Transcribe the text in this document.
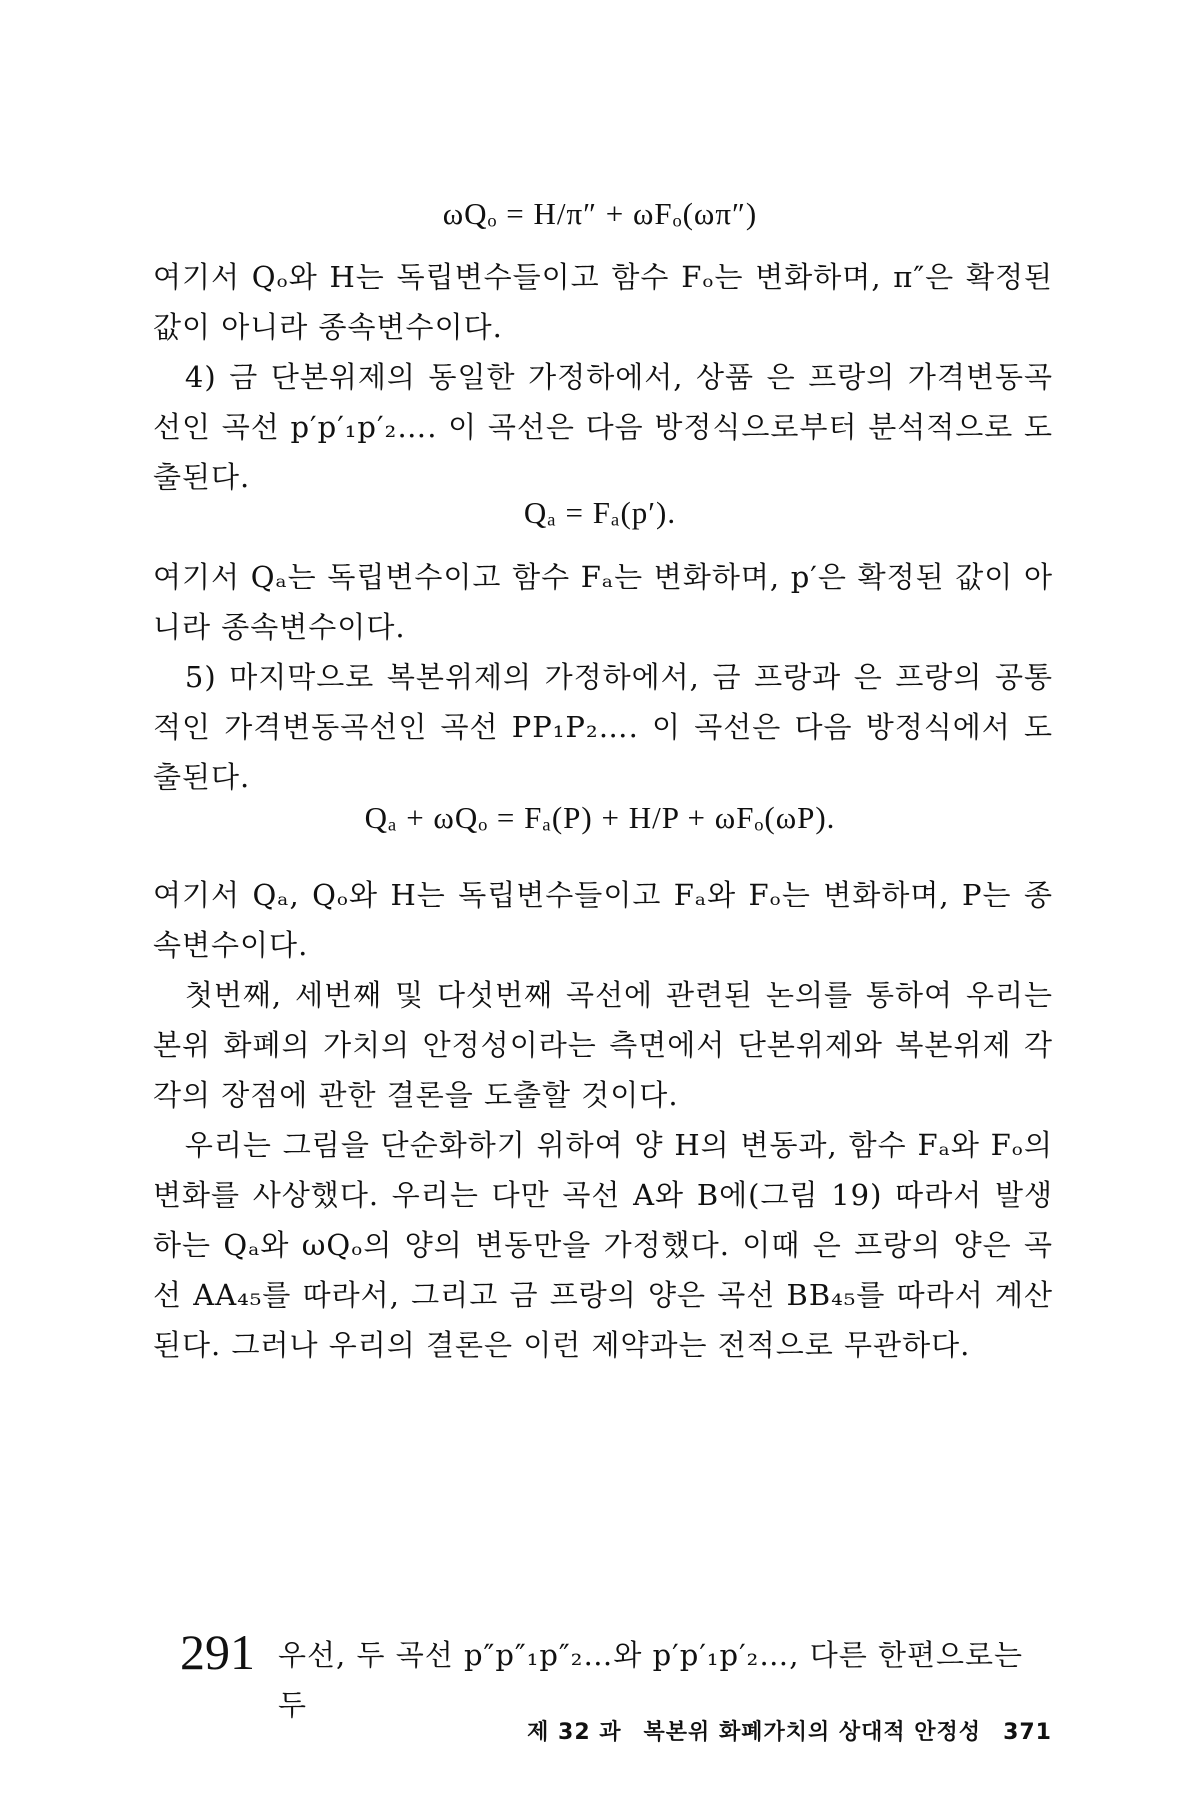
ωQₒ = H/π″ + ωFₒ(ωπ″)

여기서 Qₒ와 H는 독립변수들이고 함수 Fₒ는 변화하며, π″은 확정된 값이 아니라 종속변수이다.

4) 금 단본위제의 동일한 가정하에서, 상품 은 프랑의 가격변동곡선인 곡선 p′p′₁p′₂…. 이 곡선은 다음 방정식으로부터 분석적으로 도출된다.

Qₐ = Fₐ(p′).

여기서 Qₐ는 독립변수이고 함수 Fₐ는 변화하며, p′은 확정된 값이 아니라 종속변수이다.

5) 마지막으로 복본위제의 가정하에서, 금 프랑과 은 프랑의 공통적인 가격변동곡선인 곡선 PP₁P₂…. 이 곡선은 다음 방정식에서 도출된다.

Qₐ + ωQₒ = Fₐ(P) + H/P + ωFₒ(ωP).

여기서 Qₐ, Qₒ와 H는 독립변수들이고 Fₐ와 Fₒ는 변화하며, P는 종속변수이다.

첫번째, 세번째 및 다섯번째 곡선에 관련된 논의를 통하여 우리는 본위 화폐의 가치의 안정성이라는 측면에서 단본위제와 복본위제 각각의 장점에 관한 결론을 도출할 것이다.

우리는 그림을 단순화하기 위하여 양 H의 변동과, 함수 Fₐ와 Fₒ의 변화를 사상했다. 우리는 다만 곡선 A와 B에(그림 19) 따라서 발생하는 Qₐ와 ωQₒ의 양의 변동만을 가정했다. 이때 은 프랑의 양은 곡선 AA₄₅를 따라서, 그리고 금 프랑의 양은 곡선 BB₄₅를 따라서 계산된다. 그러나 우리의 결론은 이런 제약과는 전적으로 무관하다.

291 우선, 두 곡선 p″p″₁p″₂…와 p′p′₁p′₂…, 다른 한편으로는 두
제 32 과 복본위 화폐가치의 상대적 안정성 371
